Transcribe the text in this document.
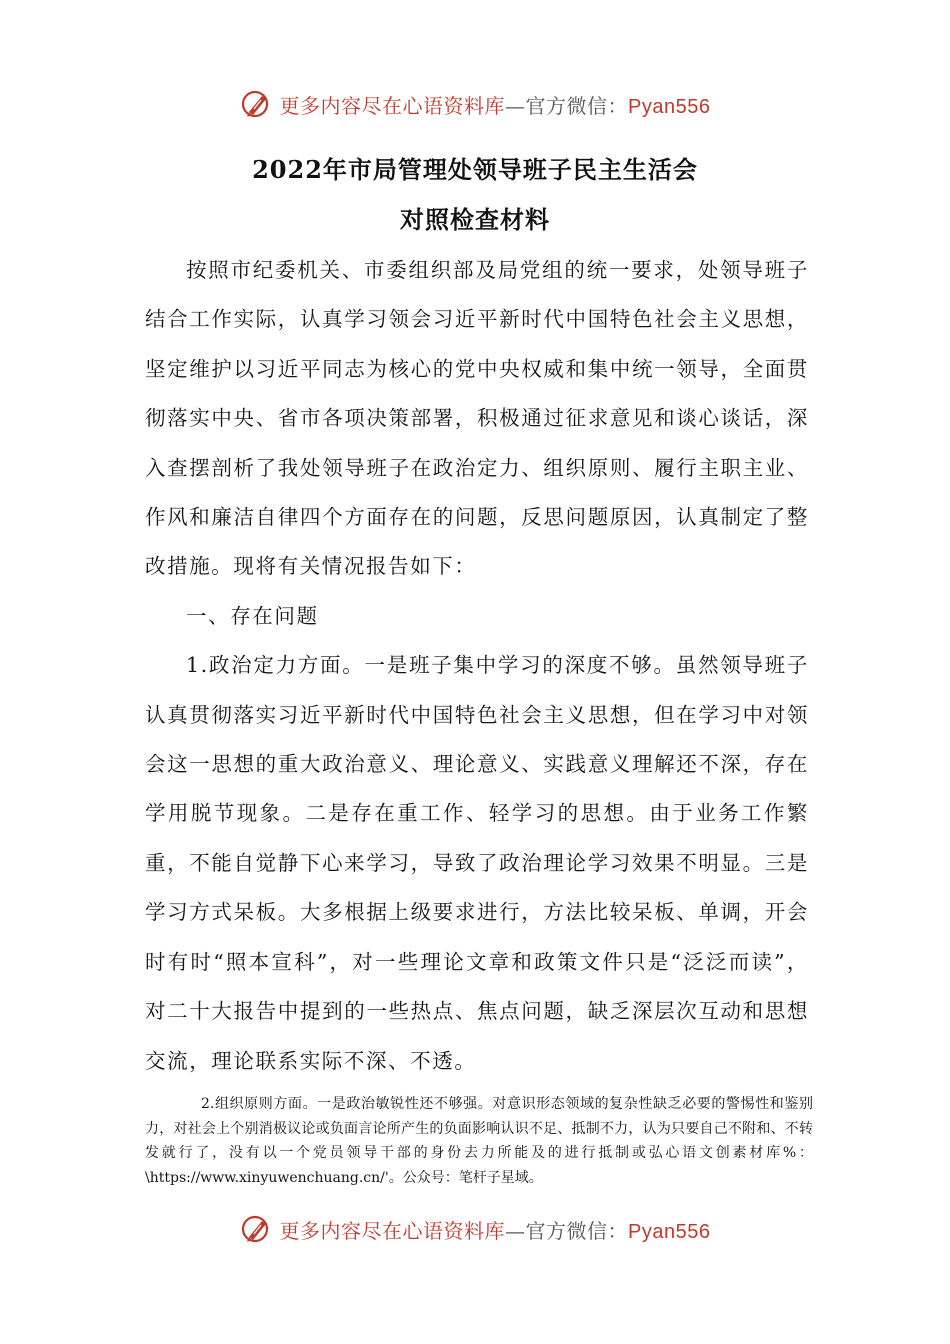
更多内容尽在心语资料库—官方微信：Pyan556
2022年市局管理处领导班子民主生活会
对照检查材料

按照市纪委机关、市委组织部及局党组的统一要求，处领导班子结合工作实际，认真学习领会习近平新时代中国特色社会主义思想，坚定维护以习近平同志为核心的党中央权威和集中统一领导，全面贯彻落实中央、省市各项决策部署，积极通过征求意见和谈心谈话，深入查摆剖析了我处领导班子在政治定力、组织原则、履行主职主业、作风和廉洁自律四个方面存在的问题，反思问题原因，认真制定了整改措施。现将有关情况报告如下：

一、存在问题

1.政治定力方面。一是班子集中学习的深度不够。虽然领导班子认真贯彻落实习近平新时代中国特色社会主义思想，但在学习中对领会这一思想的重大政治意义、理论意义、实践意义理解还不深，存在学用脱节现象。二是存在重工作、轻学习的思想。由于业务工作繁重，不能自觉静下心来学习，导致了政治理论学习效果不明显。三是学习方式呆板。大多根据上级要求进行，方法比较呆板、单调，开会时有时“照本宣科”，对一些理论文章和政策文件只是“泛泛而读”，对二十大报告中提到的一些热点、焦点问题，缺乏深层次互动和思想交流，理论联系实际不深、不透。

2.组织原则方面。一是政治敏锐性还不够强。对意识形态领域的复杂性缺乏必要的警惕性和鉴别力，对社会上个别消极议论或负面言论所产生的负面影响认识不足、抵制不力，认为只要自己不附和、不转发就行了，没有以一个党员领导干部的身份去力所能及的进行抵制或弘心语文创素材库%：\https://www.xinyuwenchuang.cn/'。公众号：笔杆子星域。

更多内容尽在心语资料库—官方微信：Pyan556
